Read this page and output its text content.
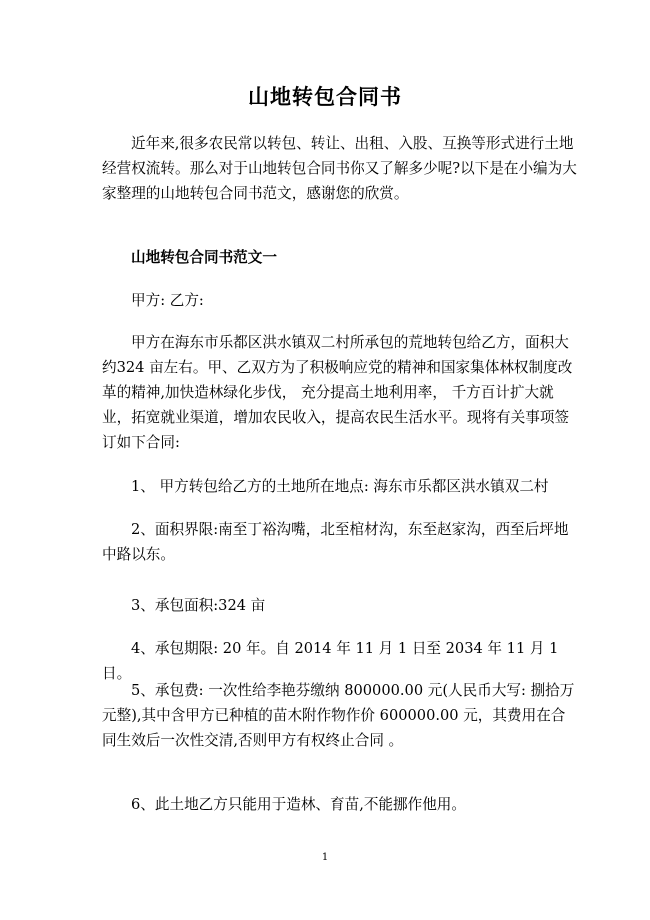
山地转包合同书

近年来,很多农民常以转包、转让、出租、入股、互换等形式进行土地经营权流转。那么对于山地转包合同书你又了解多少呢?以下是在小编为大家整理的山地转包合同书范文，感谢您的欣赏。

山地转包合同书范文一

甲方: 乙方:

甲方在海东市乐都区洪水镇双二村所承包的荒地转包给乙方，面积大约324 亩左右。甲、乙双方为了积极响应党的精神和国家集体林权制度改革的精神,加快造林绿化步伐， 充分提高土地利用率， 千方百计扩大就业，拓宽就业渠道，增加农民收入，提高农民生活水平。现将有关事项签订如下合同:

1、 甲方转包给乙方的土地所在地点: 海东市乐都区洪水镇双二村

2、面积界限:南至丁裕沟嘴，北至棺材沟，东至赵家沟，西至后坪地中路以东。

3、承包面积:324 亩

4、承包期限: 20 年。自 2014 年 11 月 1 日至 2034 年 11 月 1 日。

5、承包费: 一次性给李艳芬缴纳 800000.00 元(人民币大写: 捌拾万元整),其中含甲方已种植的苗木附作物作价 600000.00 元，其费用在合同生效后一次性交清,否则甲方有权终止合同 。

6、此土地乙方只能用于造林、育苗,不能挪作他用。

1
